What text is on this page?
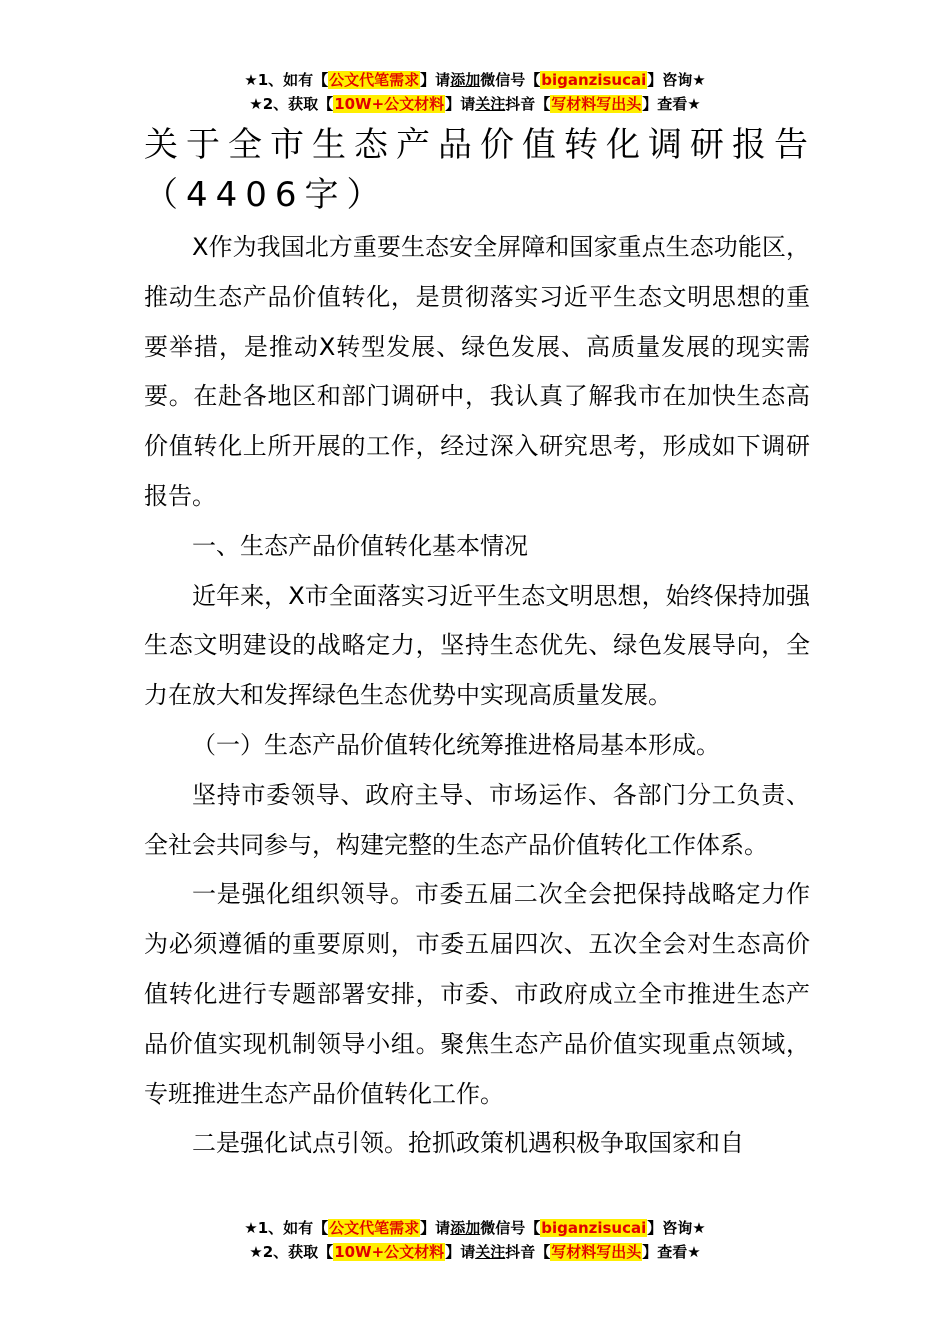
★1、如有【公文代笔需求】请添加微信号【biganzisucai】咨询★
★2、获取【10W+公文材料】请关注抖音【写材料写出头】查看★
关于全市生态产品价值转化调研报告
（4406字）

X作为我国北方重要生态安全屏障和国家重点生态功能区，推动生态产品价值转化，是贯彻落实习近平生态文明思想的重要举措，是推动X转型发展、绿色发展、高质量发展的现实需要。在赴各地区和部门调研中，我认真了解我市在加快生态高价值转化上所开展的工作，经过深入研究思考，形成如下调研报告。

一、生态产品价值转化基本情况

近年来，X市全面落实习近平生态文明思想，始终保持加强生态文明建设的战略定力，坚持生态优先、绿色发展导向，全力在放大和发挥绿色生态优势中实现高质量发展。

（一）生态产品价值转化统筹推进格局基本形成。

坚持市委领导、政府主导、市场运作、各部门分工负责、全社会共同参与，构建完整的生态产品价值转化工作体系。

一是强化组织领导。市委五届二次全会把保持战略定力作为必须遵循的重要原则，市委五届四次、五次全会对生态高价值转化进行专题部署安排，市委、市政府成立全市推进生态产品价值实现机制领导小组。聚焦生态产品价值实现重点领域，专班推进生态产品价值转化工作。

二是强化试点引领。抢抓政策机遇积极争取国家和自

★1、如有【公文代笔需求】请添加微信号【biganzisucai】咨询★
★2、获取【10W+公文材料】请关注抖音【写材料写出头】查看★
